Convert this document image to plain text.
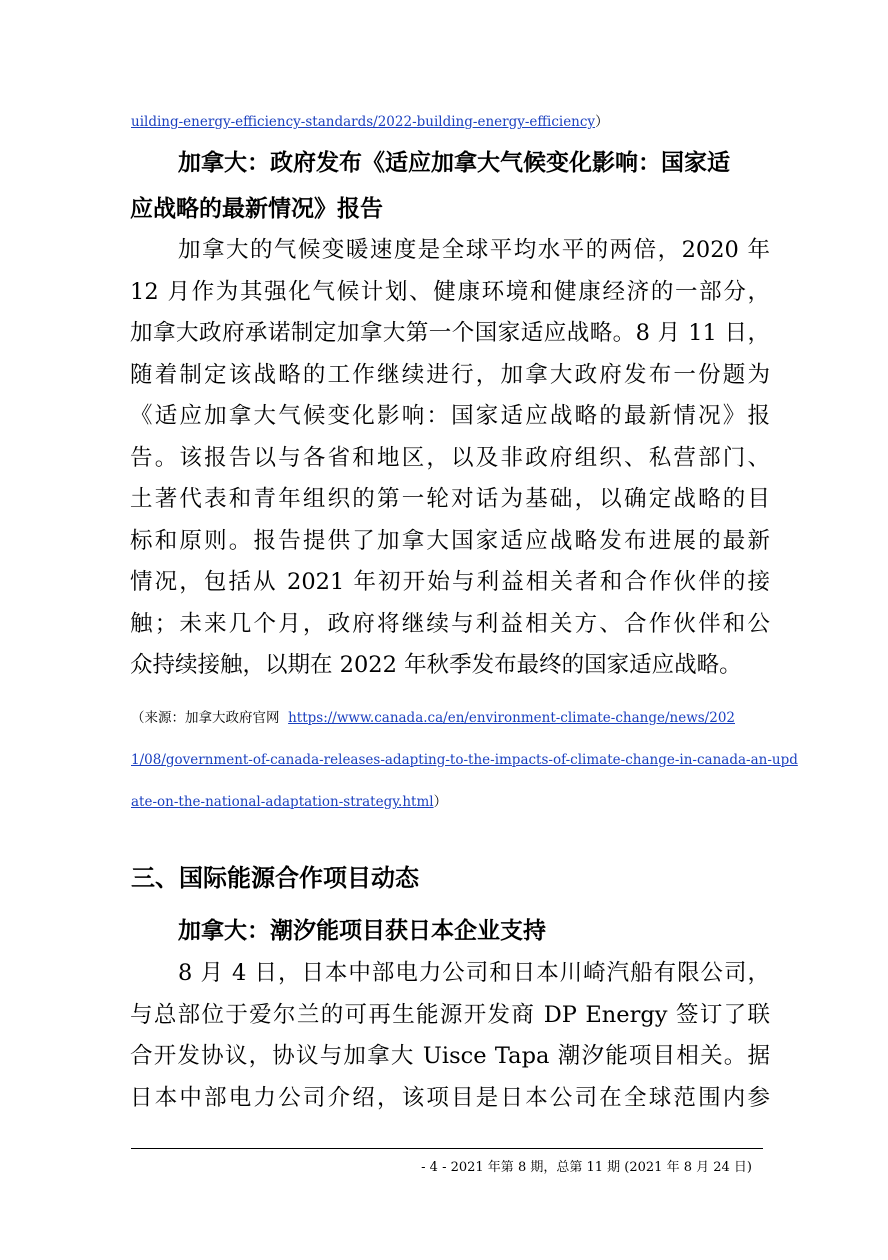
uilding-energy-efficiency-standards/2022-building-energy-efficiency）
加拿大：政府发布《适应加拿大气候变化影响：国家适
应战略的最新情况》报告
加拿大的气候变暖速度是全球平均水平的两倍，2020 年
12 月作为其强化气候计划、健康环境和健康经济的一部分，
加拿大政府承诺制定加拿大第一个国家适应战略。8 月 11 日，
随着制定该战略的工作继续进行，加拿大政府发布一份题为
《适应加拿大气候变化影响：国家适应战略的最新情况》报
告。该报告以与各省和地区，以及非政府组织、私营部门、
土著代表和青年组织的第一轮对话为基础，以确定战略的目
标和原则。报告提供了加拿大国家适应战略发布进展的最新
情况，包括从 2021 年初开始与利益相关者和合作伙伴的接
触；未来几个月，政府将继续与利益相关方、合作伙伴和公
众持续接触，以期在 2022 年秋季发布最终的国家适应战略。
（来源：加拿大政府官网 https://www.canada.ca/en/environment-climate-change/news/202
1/08/government-of-canada-releases-adapting-to-the-impacts-of-climate-change-in-canada-an-upd
ate-on-the-national-adaptation-strategy.html）
三、国际能源合作项目动态
加拿大：潮汐能项目获日本企业支持
8 月 4 日，日本中部电力公司和日本川崎汽船有限公司，
与总部位于爱尔兰的可再生能源开发商 DP Energy 签订了联
合开发协议，协议与加拿大 Uisce Tapa 潮汐能项目相关。据
日本中部电力公司介绍，该项目是日本公司在全球范围内参
- 4 - 2021 年第 8 期，总第 11 期 (2021 年 8 月 24 日)
